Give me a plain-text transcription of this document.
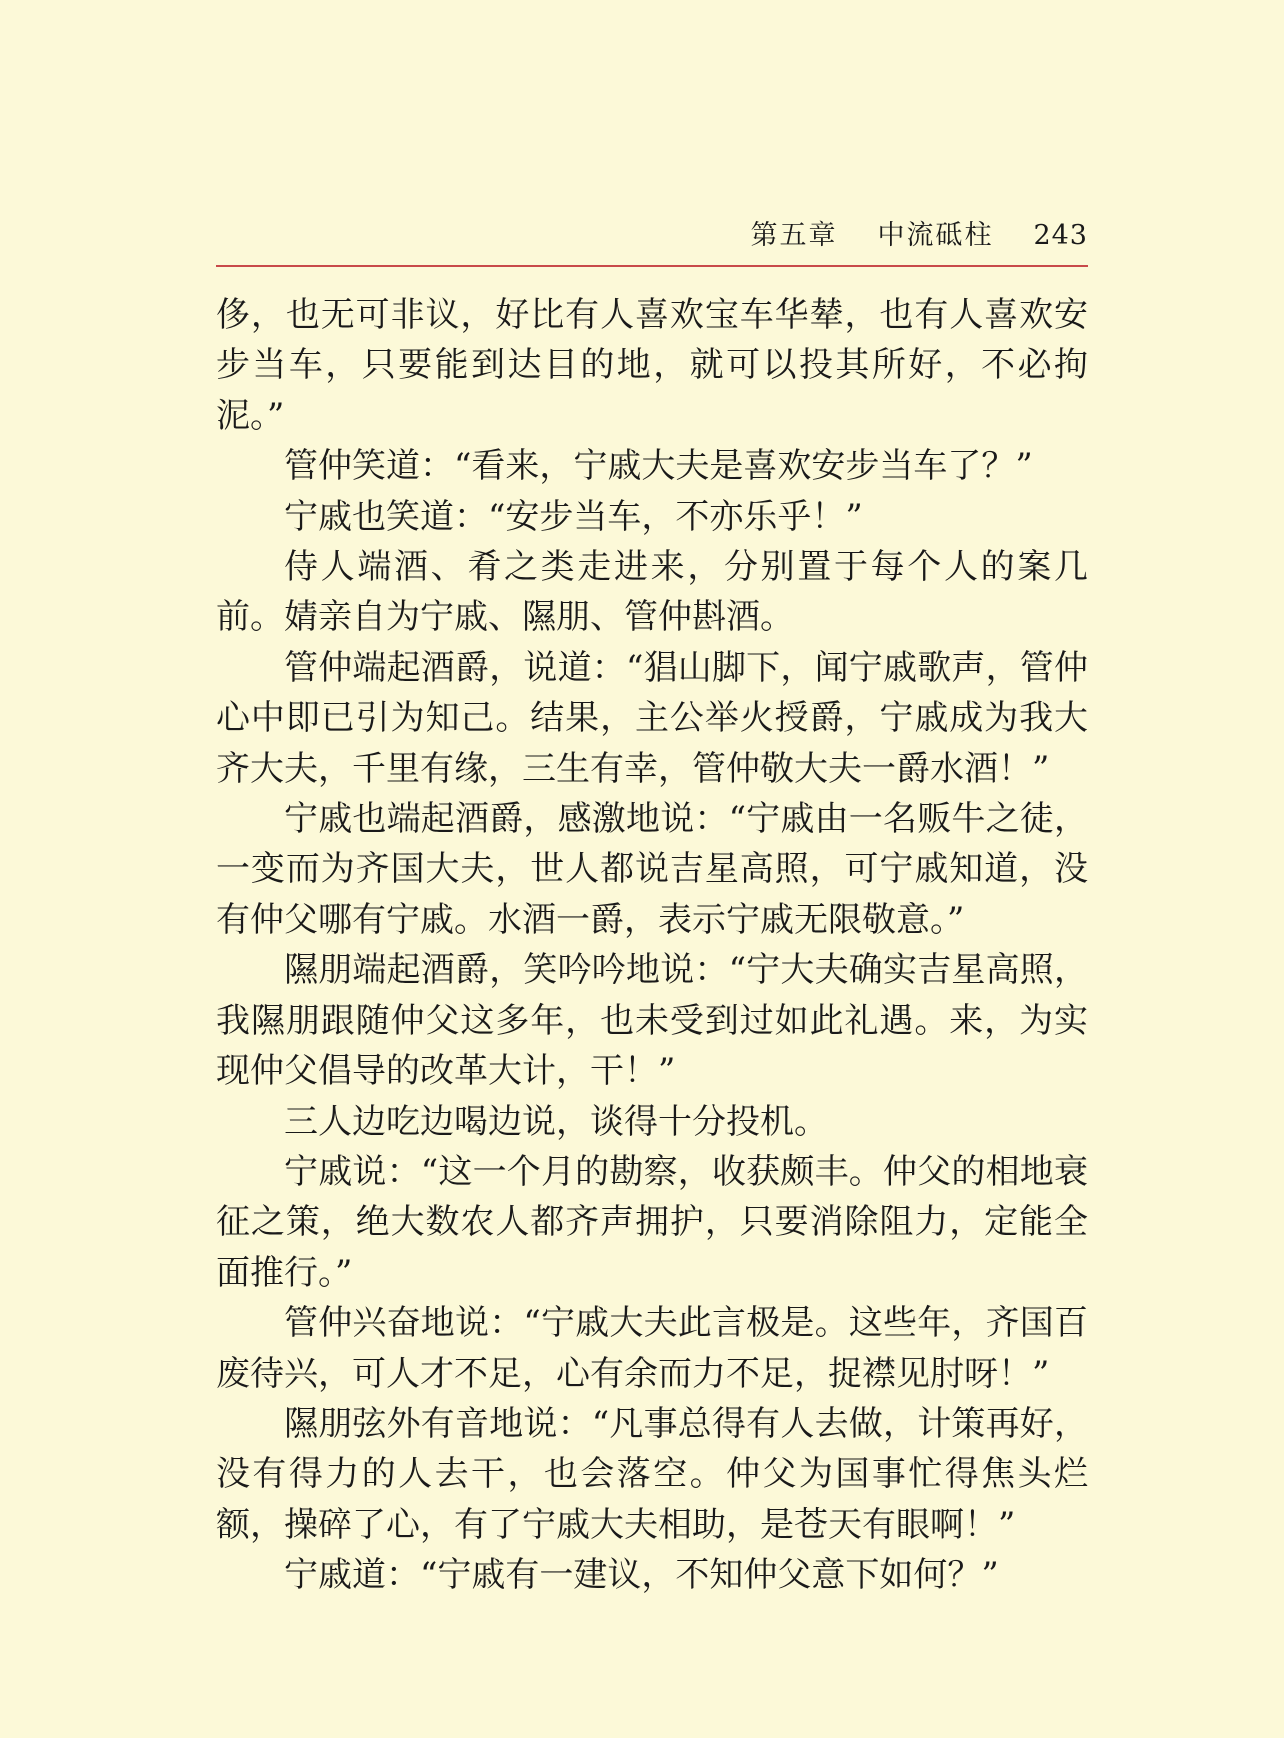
第五章 中流砥柱 243

侈，也无可非议，好比有人喜欢宝车华辇，也有人喜欢安步当车，只要能到达目的地，就可以投其所好，不必拘泥。”

管仲笑道：“看来，宁戚大夫是喜欢安步当车了？”

宁戚也笑道：“安步当车，不亦乐乎！”

侍人端酒、肴之类走进来，分别置于每个人的案几前。婧亲自为宁戚、隰朋、管仲斟酒。

管仲端起酒爵，说道：“猖山脚下，闻宁戚歌声，管仲心中即已引为知己。结果，主公举火授爵，宁戚成为我大齐大夫，千里有缘，三生有幸，管仲敬大夫一爵水酒！”

宁戚也端起酒爵，感激地说：“宁戚由一名贩牛之徒，一变而为齐国大夫，世人都说吉星高照，可宁戚知道，没有仲父哪有宁戚。水酒一爵，表示宁戚无限敬意。”

隰朋端起酒爵，笑吟吟地说：“宁大夫确实吉星高照，我隰朋跟随仲父这多年，也未受到过如此礼遇。来，为实现仲父倡导的改革大计，干！”

三人边吃边喝边说，谈得十分投机。

宁戚说：“这一个月的勘察，收获颇丰。仲父的相地衰征之策，绝大数农人都齐声拥护，只要消除阻力，定能全面推行。”

管仲兴奋地说：“宁戚大夫此言极是。这些年，齐国百废待兴，可人才不足，心有余而力不足，捉襟见肘呀！”

隰朋弦外有音地说：“凡事总得有人去做，计策再好，没有得力的人去干，也会落空。仲父为国事忙得焦头烂额，操碎了心，有了宁戚大夫相助，是苍天有眼啊！”

宁戚道：“宁戚有一建议，不知仲父意下如何？”
